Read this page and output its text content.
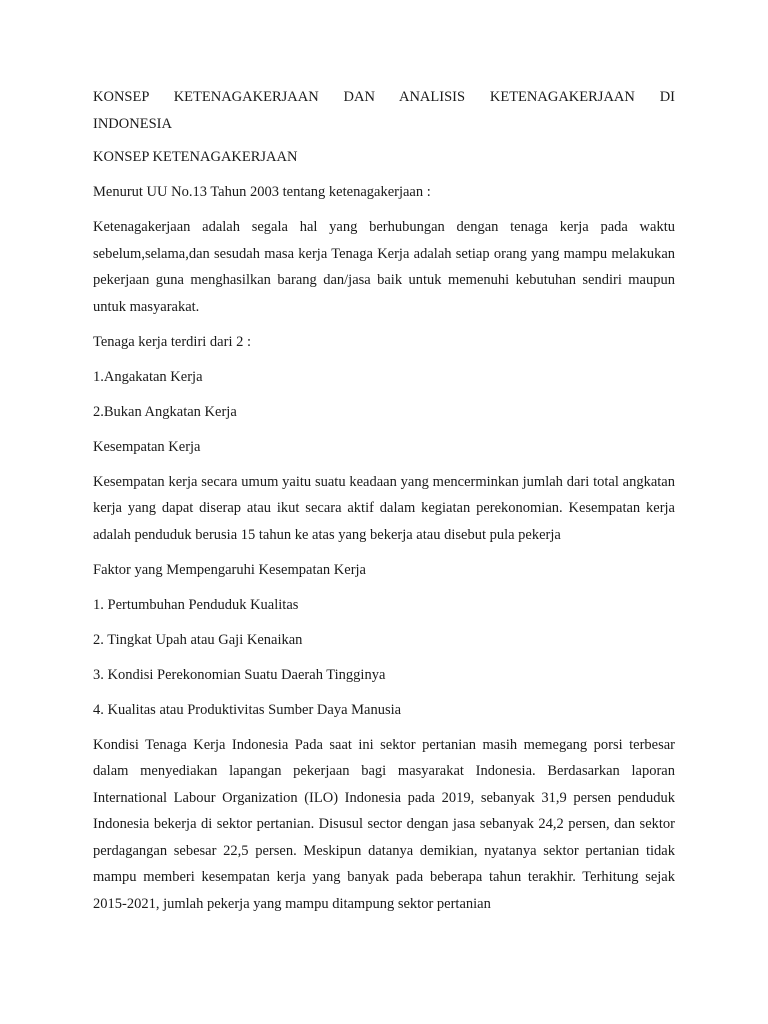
KONSEP KETENAGAKERJAAN DAN ANALISIS KETENAGAKERJAAN DI
INDONESIA

KONSEP KETENAGAKERJAAN

Menurut UU No.13 Tahun 2003 tentang ketenagakerjaan :

Ketenagakerjaan adalah segala hal yang berhubungan dengan tenaga kerja pada waktu sebelum,selama,dan sesudah masa kerja Tenaga Kerja adalah setiap orang yang mampu melakukan pekerjaan guna menghasilkan barang dan/jasa baik untuk memenuhi kebutuhan sendiri maupun untuk masyarakat.

Tenaga kerja terdiri dari 2 :

1.Angakatan Kerja

2.Bukan Angkatan Kerja

Kesempatan Kerja

Kesempatan kerja secara umum yaitu suatu keadaan yang mencerminkan jumlah dari total angkatan kerja yang dapat diserap atau ikut secara aktif dalam kegiatan perekonomian. Kesempatan kerja adalah penduduk berusia 15 tahun ke atas yang bekerja atau disebut pula pekerja

Faktor yang Mempengaruhi Kesempatan Kerja

1. Pertumbuhan Penduduk Kualitas

2. Tingkat Upah atau Gaji Kenaikan

3. Kondisi Perekonomian Suatu Daerah Tingginya

4. Kualitas atau Produktivitas Sumber Daya Manusia

Kondisi Tenaga Kerja Indonesia Pada saat ini sektor pertanian masih memegang porsi terbesar dalam menyediakan lapangan pekerjaan bagi masyarakat Indonesia. Berdasarkan laporan International Labour Organization (ILO) Indonesia pada 2019, sebanyak 31,9 persen penduduk Indonesia bekerja di sektor pertanian. Disusul sector dengan jasa sebanyak 24,2 persen, dan sektor perdagangan sebesar 22,5 persen. Meskipun datanya demikian, nyatanya sektor pertanian tidak mampu memberi kesempatan kerja yang banyak pada beberapa tahun terakhir. Terhitung sejak 2015-2021, jumlah pekerja yang mampu ditampung sektor pertanian
